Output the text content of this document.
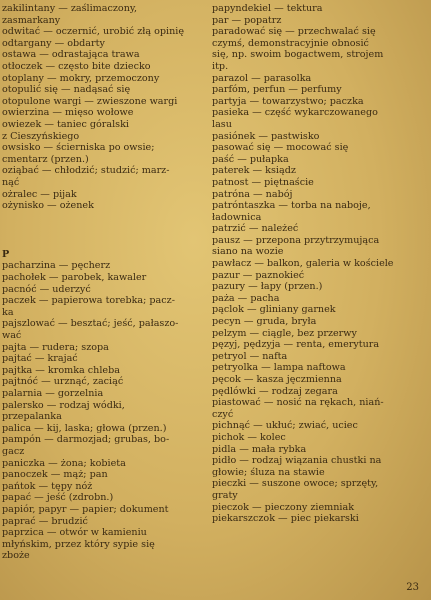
zakilintany — zaślimaczony,

zasmarkany

odwitać — oczernić, urobić złą opinię

odtargany — obdarty

ostawa — odrastająca trawa

otłoczek — często bite dziecko

otoplany — mokry, przemoczony

otopulić się — nadąsać się

otopulone wargi — zwieszone wargi

owierzina — mięso wołowe

owiezek — taniec góralski

z Cieszyńskiego

owsisko — ścierniska po owsie;

cmentarz (przen.)

oziąbać — chłodzić; studzić; marz-

nąć

ożralec — pijak

ożynisko — ożenek

P

pacharzina — pęcherz

pachołek — parobek, kawaler

pacnóć — uderzyć

paczek — papierowa torebka; pacz-

ka

pajszlować — besztać; jeść, pałaszo-

wać

pajta — rudera; szopa

pajtać — krajać

pajtka — kromka chleba

pajtnóć — urznąć, zaciąć

palarnia — gorzelnia

palersko — rodzaj wódki,

przepalanka

palica — kij, laska; głowa (przen.)

pampón — darmozjad; grubas, bo-

gacz

paniczka — żona; kobieta

panoczek — mąż; pan

pańtok — tępy nóż

papać — jeść (zdrobn.)

papiór, papyr — papier; dokument

paprać — brudzić

paprzica — otwór w kamieniu

młyńskim, przez który sypie się

zboże

papyndekiel — tektura

par — popatrz

paradować się — przechwalać się

czymś, demonstracyjnie obnosić

się, np. swoim bogactwem, strojem

itp.

parazol — parasolka

parfóm, perfun — perfumy

partyja — towarzystwo; paczka

pasieka — część wykarczowanego

lasu

pasiónek — pastwisko

pasować się — mocować się

paść — pułapka

paterek — ksiądz

patnost — piętnaście

patróna — nabój

patróntaszka — torba na naboje,

ładownica

patrzić — należeć

pausz — przepona przytrzymująca

siano na wozie

pawłacz — balkon, galeria w kościele

pazur — paznokieć

pazury — łapy (przen.)

paża — pacha

pąclok — gliniany garnek

pecyn — gruda, bryła

pelzym — ciągle, bez przerwy

pęzyj, pędzyja — renta, emerytura

petryol — nafta

petryolka — lampa naftowa

pęcok — kasza jęczmienna

pędlówki — rodzaj zegara

piastować — nosić na rękach, niań-

czyć

pichnąć — ukłuć; zwiać, uciec

pichok — kolec

pidla — mała rybka

pidło — rodzaj wiązania chustki na

głowie; śluza na stawie

pieczki — suszone owoce; sprzęty,

graty

pieczok — pieczony ziemniak

piekarszczok — piec piekarski

23
